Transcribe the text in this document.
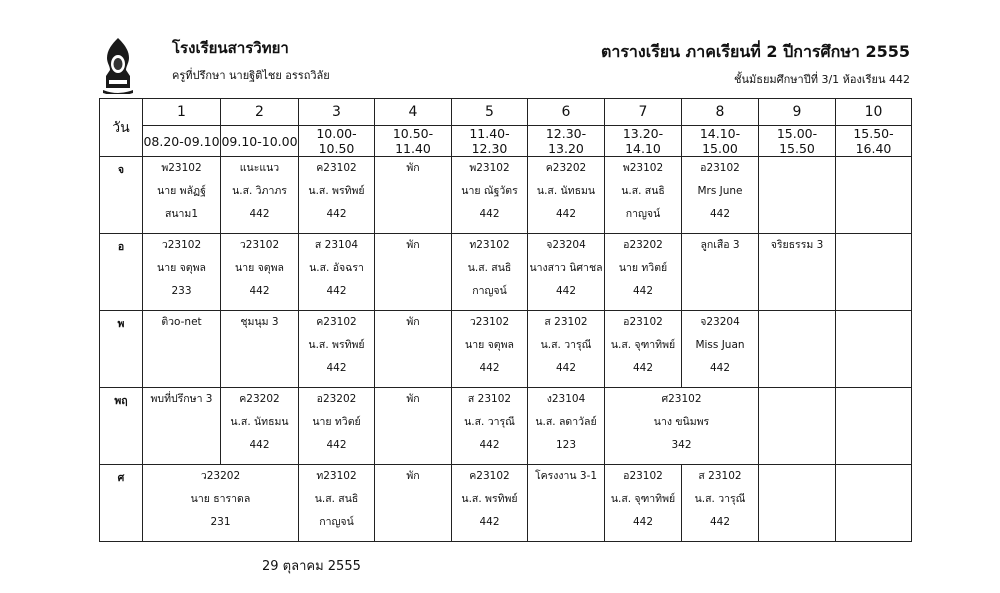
โรงเรียนสารวิทยา
ครูที่ปรึกษา นายฐิติไชย อรรถวิลัย
ตารางเรียน ภาคเรียนที่ 2 ปีการศึกษา 2555
ชั้นมัธยมศึกษาปีที่ 3/1 ห้องเรียน 442
วัน	1	2	3	4	5	6	7	8	9	10
	08.20-09.10	09.10-10.00	10.00-10.50	10.50-11.40	11.40-12.30	12.30-13.20	13.20-14.10	14.10-15.00	15.00-15.50	15.50-16.40
จ	พ23102
นาย พลัฏฐ์
สนาม1	แนะแนว
น.ส. วิภาภร
442	ค23102
น.ส. พรทิพย์
442	พัก	พ23102
นาย ณัฐวัตร
442	ค23202
น.ส. นัทธมน
442	พ23102
น.ส. สนธิ
กาญจน์	อ23102
Mrs June
442		

อ	ว23102
นาย จตุพล
233	ว23102
นาย จตุพล
442	ส 23104
น.ส. อัจฉรา
442	พัก	ท23102
น.ส. สนธิ
กาญจน์	จ23204
นางสาว นิศาชล
442	อ23202
นาย ทวิตย์
442	ลูกเสือ 3	จริยธรรม 3	

พ	ติวo-net	ชุมนุม 3	ค23102
น.ส. พรทิพย์
442	พัก	ว23102
นาย จตุพล
442	ส 23102
น.ส. วารุณี
442	อ23102
น.ส. จุฑาทิพย์
442	จ23204
Miss Juan
442		

พฤ	พบที่ปรึกษา 3	ค23202
น.ส. นัทธมน
442	อ23202
นาย ทวิตย์
442	พัก	ส 23102
น.ส. วารุณี
442	ง23104
น.ส. ลดาวัลย์
123	ศ23102
นาง ขนิมพร
342			

ศ	ว23202
นาย ธาราดล
231		ท23102
น.ส. สนธิ
กาญจน์	พัก	ค23102
น.ส. พรทิพย์
442	โครงงาน 3-1	อ23102
น.ส. จุฑาทิพย์
442	ส 23102
น.ส. วารุณี
442		

29 ตุลาคม 2555
